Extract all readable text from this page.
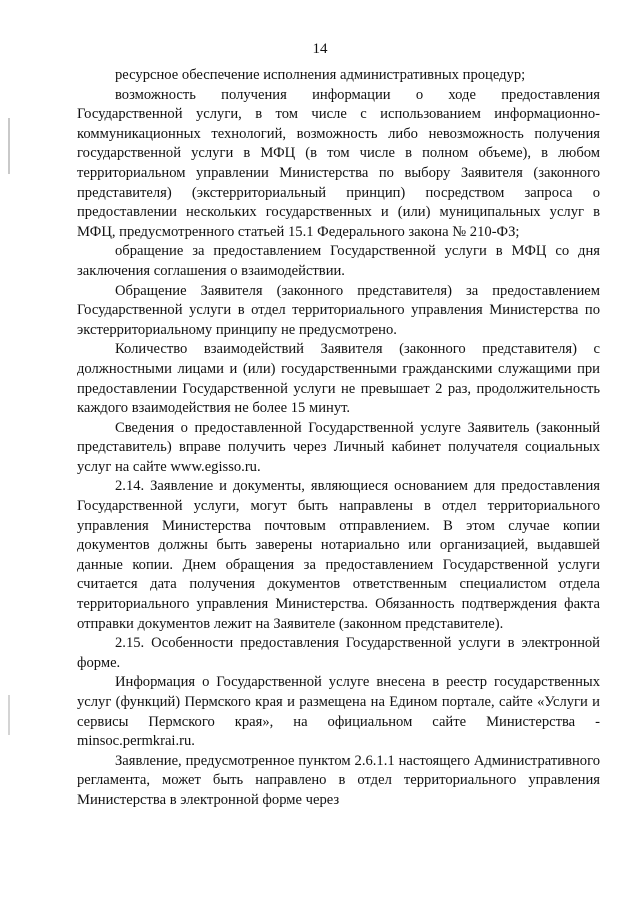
14

ресурсное обеспечение исполнения административных процедур;

возможность получения информации о ходе предоставления Государственной услуги, в том числе с использованием информационно-коммуникационных технологий, возможность либо невозможность получения государственной услуги в МФЦ (в том числе в полном объеме), в любом территориальном управлении Министерства по выбору Заявителя (законного представителя) (экстерриториальный принцип) посредством запроса о предоставлении нескольких государственных и (или) муниципальных услуг в МФЦ, предусмотренного статьей 15.1 Федерального закона № 210-ФЗ;

обращение за предоставлением Государственной услуги в МФЦ со дня заключения соглашения о взаимодействии.

Обращение Заявителя (законного представителя) за предоставлением Государственной услуги в отдел территориального управления Министерства по экстерриториальному принципу не предусмотрено.

Количество взаимодействий Заявителя (законного представителя) с должностными лицами и (или) государственными гражданскими служащими при предоставлении Государственной услуги не превышает 2 раз, продолжительность каждого взаимодействия не более 15 минут.

Сведения о предоставленной Государственной услуге Заявитель (законный представитель) вправе получить через Личный кабинет получателя социальных услуг на сайте www.egisso.ru.

2.14. Заявление и документы, являющиеся основанием для предоставления Государственной услуги, могут быть направлены в отдел территориального управления Министерства почтовым отправлением. В этом случае копии документов должны быть заверены нотариально или организацией, выдавшей данные копии. Днем обращения за предоставлением Государственной услуги считается дата получения документов ответственным специалистом отдела территориального управления Министерства. Обязанность подтверждения факта отправки документов лежит на Заявителе (законном представителе).

2.15. Особенности предоставления Государственной услуги в электронной форме.

Информация о Государственной услуге внесена в реестр государственных услуг (функций) Пермского края и размещена на Едином портале, сайте «Услуги и сервисы Пермского края», на официальном сайте Министерства - minsoc.permkrai.ru.

Заявление, предусмотренное пунктом 2.6.1.1 настоящего Административного регламента, может быть направлено в отдел территориального управления Министерства в электронной форме через
